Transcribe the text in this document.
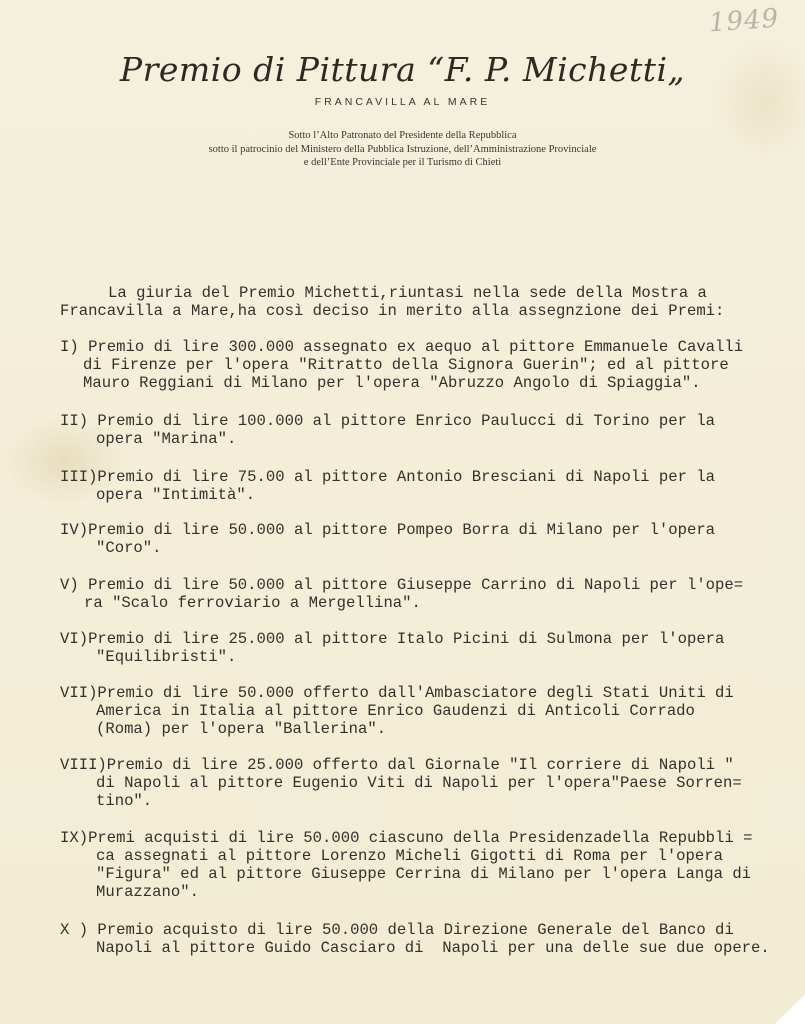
1949
Premio di Pittura “F. P. Michetti„
FRANCAVILLA AL MARE
Sotto l’Alto Patronato del Presidente della Repubblica
sotto il patrocinio del Ministero della Pubblica Istruzione, dell’Amministrazione Provinciale
e dell’Ente Provinciale per il Turismo di Chieti
La giuria del Premio Michetti,riuntasi nella sede della Mostra a
Francavilla a Mare,ha così deciso in merito alla assegnzione dei Premi:
I) Premio di lire 300.000 assegnato ex aequo al pittore Emmanuele Cavalli
di Firenze per l'opera "Ritratto della Signora Guerin"; ed al pittore
Mauro Reggiani di Milano per l'opera "Abruzzo Angolo di Spiaggia".
II) Premio di lire 100.000 al pittore Enrico Paulucci di Torino per la
opera "Marina".
III)Premio di lire 75.00 al pittore Antonio Bresciani di Napoli per la
opera "Intimità".
IV)Premio di lire 50.000 al pittore Pompeo Borra di Milano per l'opera
"Coro".
V) Premio di lire 50.000 al pittore Giuseppe Carrino di Napoli per l'ope=
ra "Scalo ferroviario a Mergellina".
VI)Premio di lire 25.000 al pittore Italo Picini di Sulmona per l'opera
"Equilibristi".
VII)Premio di lire 50.000 offerto dall'Ambasciatore degli Stati Uniti di
America in Italia al pittore Enrico Gaudenzi di Anticoli Corrado
(Roma) per l'opera "Ballerina".
VIII)Premio di lire 25.000 offerto dal Giornale "Il corriere di Napoli "
di Napoli al pittore Eugenio Viti di Napoli per l'opera"Paese Sorren=
tino".
IX)Premi acquisti di lire 50.000 ciascuno della Presidenzadella Repubbli =
ca assegnati al pittore Lorenzo Micheli Gigotti di Roma per l'opera
"Figura" ed al pittore Giuseppe Cerrina di Milano per l'opera Langa di
Murazzano".
X ) Premio acquisto di lire 50.000 della Direzione Generale del Banco di
Napoli al pittore Guido Casciaro di  Napoli per una delle sue due opere.
